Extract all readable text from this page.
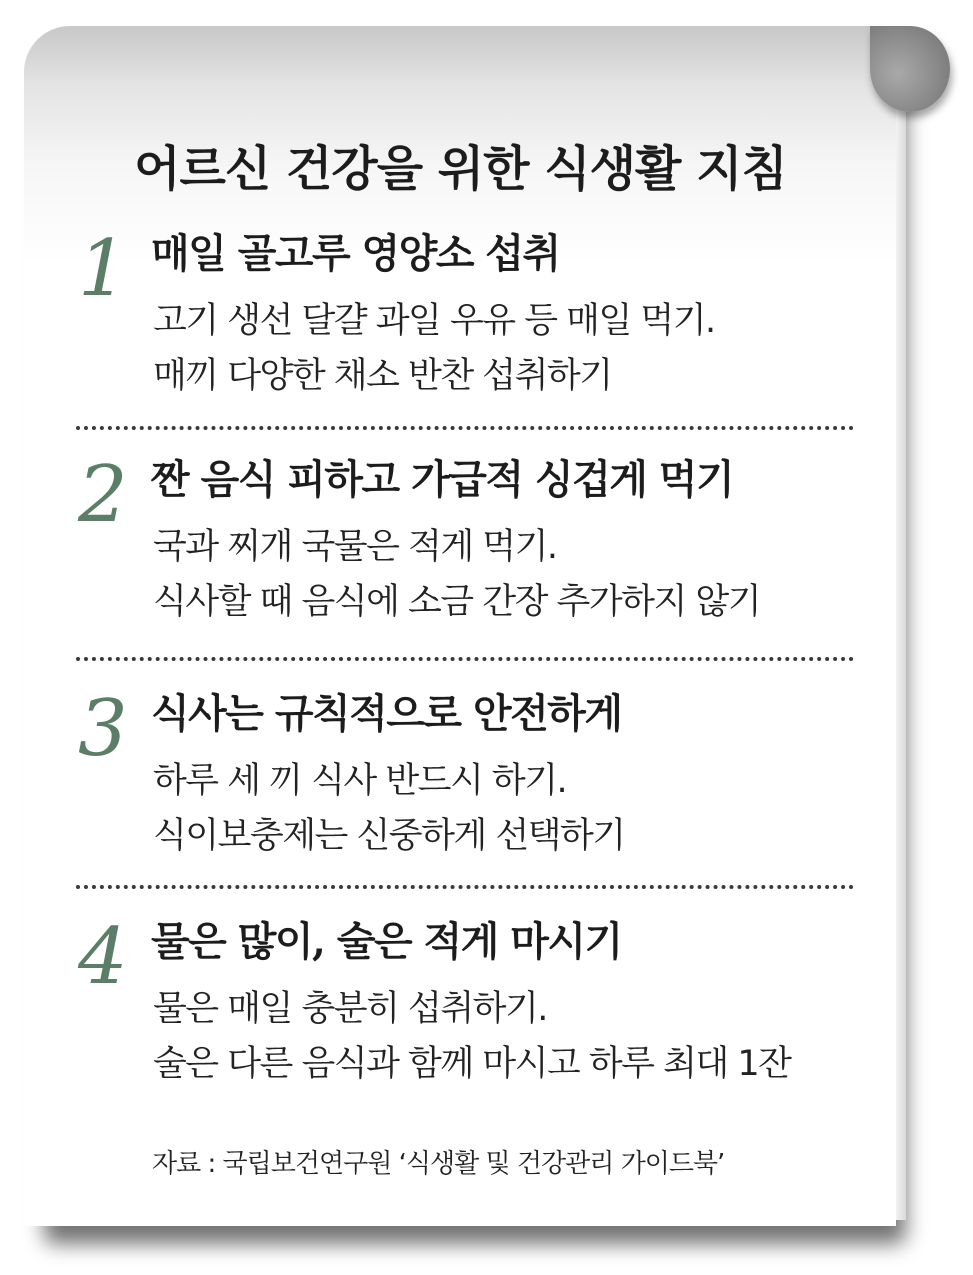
어르신 건강을 위한 식생활 지침
1 매일 골고루 영양소 섭취
고기 생선 달걀 과일 우유 등 매일 먹기.
매끼 다양한 채소 반찬 섭취하기
2 짠 음식 피하고 가급적 싱겁게 먹기
국과 찌개 국물은 적게 먹기.
식사할 때 음식에 소금 간장 추가하지 않기
3 식사는 규칙적으로 안전하게
하루 세 끼 식사 반드시 하기.
식이보충제는 신중하게 선택하기
4 물은 많이, 술은 적게 마시기
물은 매일 충분히 섭취하기.
술은 다른 음식과 함께 마시고 하루 최대 1잔
자료 : 국립보건연구원 ‘식생활 및 건강관리 가이드북’
